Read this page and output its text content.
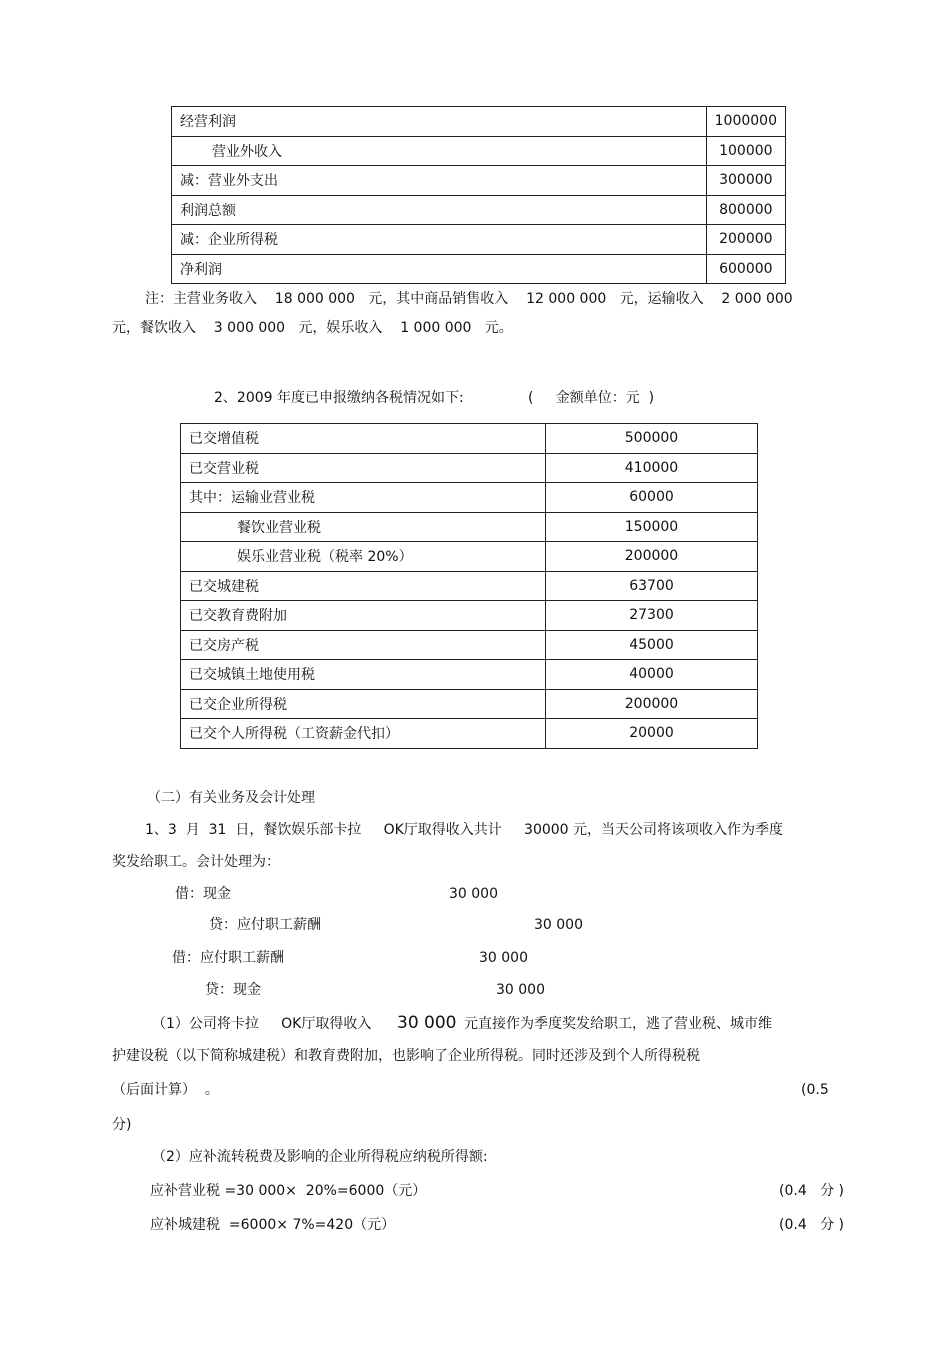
经营利润	1000000
营业外收入	100000
减：营业外支出	300000
利润总额	800000
减：企业所得税	200000
净利润	600000
注：主营业务收入    18 000 000   元，其中商品销售收入    12 000 000   元，运输收入    2 000 000
元，餐饮收入    3 000 000   元，娱乐收入    1 000 000   元。
2、2009 年度已申报缴纳各税情况如下:	(     金额单位：元  )
已交增值税	500000
已交营业税	410000
其中：运输业营业税	60000
餐饮业营业税	150000
娱乐业营业税（税率 20%）	200000
已交城建税	63700
已交教育费附加	27300
已交房产税	45000
已交城镇土地使用税	40000
已交企业所得税	200000
已交个人所得税（工资薪金代扣）	20000
（二）有关业务及会计处理
1、3  月  31  日，餐饮娱乐部卡拉     OK厅取得收入共计     30000 元，当天公司将该项收入作为季度
奖发给职工。会计处理为：
借：现金	30 000
贷：应付职工薪酬	30 000
借：应付职工薪酬	30 000
贷：现金	30 000
（1）公司将卡拉     OK厅取得收入 30 000 元直接作为季度奖发给职工，逃了营业税、城市维
护建设税（以下简称城建税）和教育费附加，也影响了企业所得税。同时还涉及到个人所得税税
（后面计算）  。	(0.5
分)
（2）应补流转税费及影响的企业所得税应纳税所得额:
应补营业税 =30 000×  20%=6000（元）	(0.4   分 )
应补城建税  =6000× 7%=420（元）	(0.4   分 )
